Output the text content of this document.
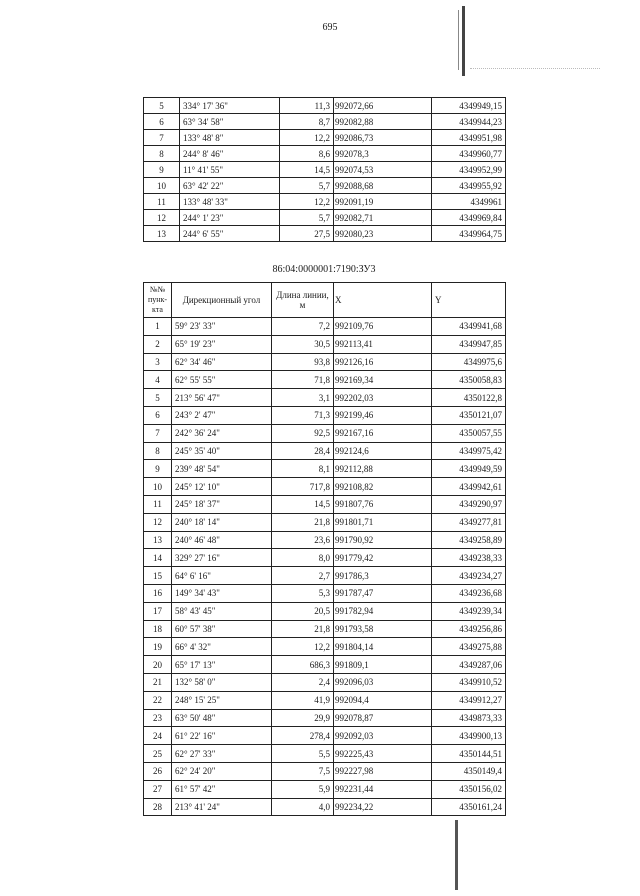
695
5	334° 17' 36"	11,3	992072,66	4349949,15
6	63° 34' 58"	8,7	992082,88	4349944,23
7	133° 48' 8"	12,2	992086,73	4349951,98
8	244° 8' 46"	8,6	992078,3	4349960,77
9	11° 41' 55"	14,5	992074,53	4349952,99
10	63° 42' 22"	5,7	992088,68	4349955,92
11	133° 48' 33"	12,2	992091,19	4349961
12	244° 1' 23"	5,7	992082,71	4349969,84
13	244° 6' 55"	27,5	992080,23	4349964,75
86:04:0000001:7190:ЗУ3
№№ пунк-кта	Дирекционный угол	Длина линии, м	X	Y
1	59° 23' 33"	7,2	992109,76	4349941,68
2	65° 19' 23"	30,5	992113,41	4349947,85
3	62° 34' 46"	93,8	992126,16	4349975,6
4	62° 55' 55"	71,8	992169,34	4350058,83
5	213° 56' 47"	3,1	992202,03	4350122,8
6	243° 2' 47"	71,3	992199,46	4350121,07
7	242° 36' 24"	92,5	992167,16	4350057,55
8	245° 35' 40"	28,4	992124,6	4349975,42
9	239° 48' 54"	8,1	992112,88	4349949,59
10	245° 12' 10"	717,8	992108,82	4349942,61
11	245° 18' 37"	14,5	991807,76	4349290,97
12	240° 18' 14"	21,8	991801,71	4349277,81
13	240° 46' 48"	23,6	991790,92	4349258,89
14	329° 27' 16"	8,0	991779,42	4349238,33
15	64° 6' 16"	2,7	991786,3	4349234,27
16	149° 34' 43"	5,3	991787,47	4349236,68
17	58° 43' 45"	20,5	991782,94	4349239,34
18	60° 57' 38"	21,8	991793,58	4349256,86
19	66° 4' 32"	12,2	991804,14	4349275,88
20	65° 17' 13"	686,3	991809,1	4349287,06
21	132° 58' 0"	2,4	992096,03	4349910,52
22	248° 15' 25"	41,9	992094,4	4349912,27
23	63° 50' 48"	29,9	992078,87	4349873,33
24	61° 22' 16"	278,4	992092,03	4349900,13
25	62° 27' 33"	5,5	992225,43	4350144,51
26	62° 24' 20"	7,5	992227,98	4350149,4
27	61° 57' 42"	5,9	992231,44	4350156,02
28	213° 41' 24"	4,0	992234,22	4350161,24
